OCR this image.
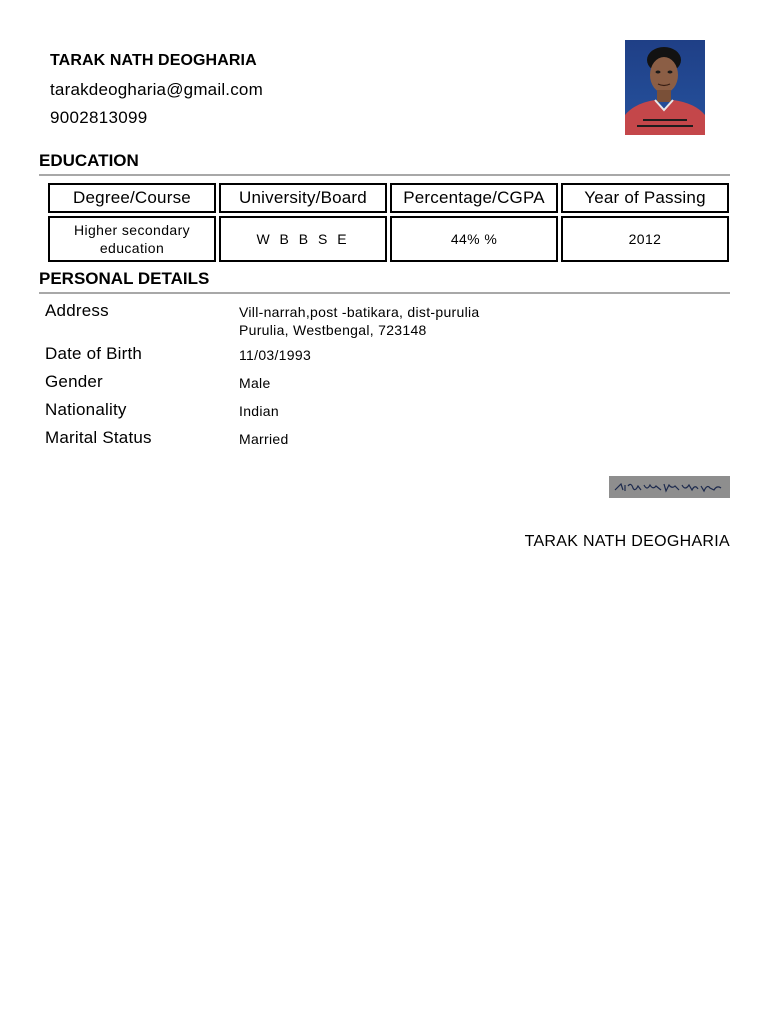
TARAK NATH DEOGHARIA
tarakdeogharia@gmail.com
9002813099
EDUCATION
Degree/Course	University/Board	Percentage/CGPA	Year of Passing

Higher secondary
education	W B B S E	44% %	2012
PERSONAL DETAILS
Address	Vill-narrah,post -batikara, dist-purulia
Purulia, Westbengal, 723148
Date of Birth	11/03/1993
Gender	Male
Nationality	Indian
Marital Status	Married
TARAK NATH DEOGHARIA
